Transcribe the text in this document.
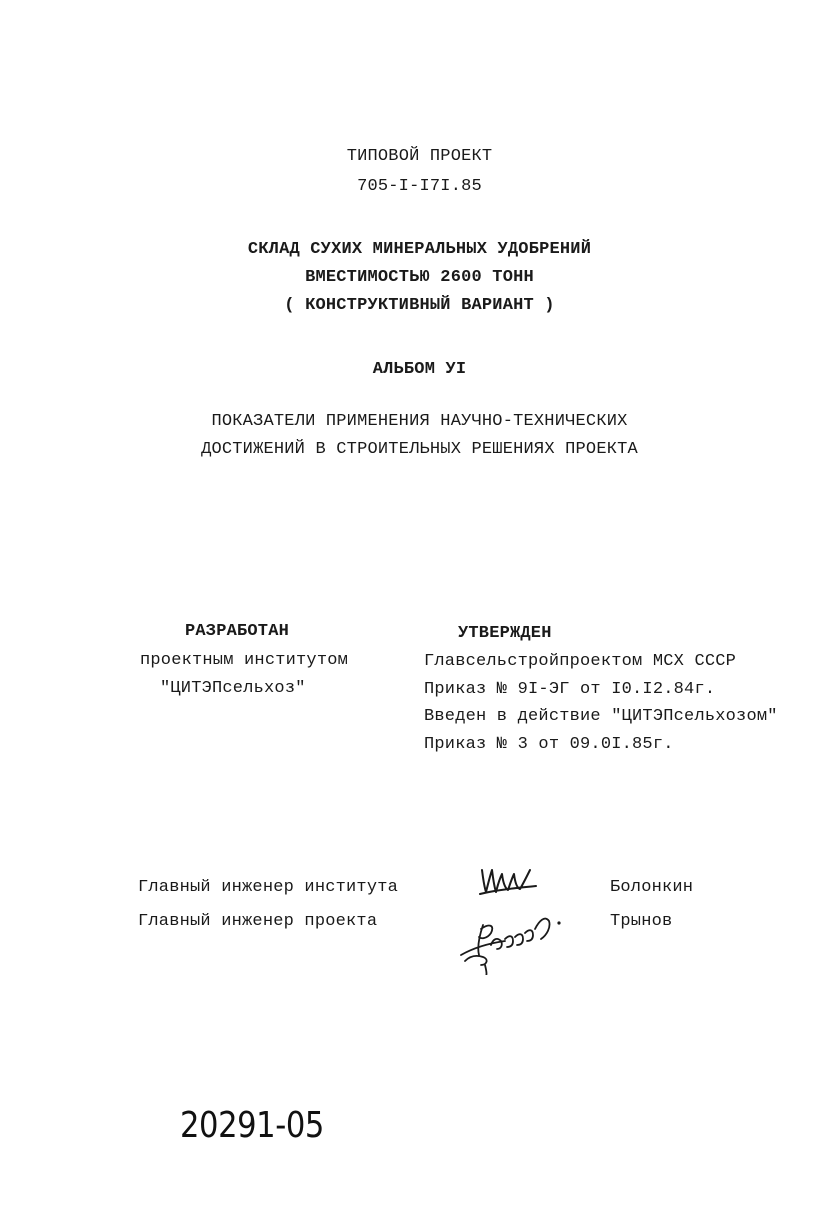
ТИПОВОЙ ПРОЕКТ
705-I-I7I.85
СКЛАД СУХИХ МИНЕРАЛЬНЫХ УДОБРЕНИЙ
ВМЕСТИМОСТЬЮ 2600 ТОНН
( КОНСТРУКТИВНЫЙ ВАРИАНТ )
АЛЬБОМ УI
ПОКАЗАТЕЛИ ПРИМЕНЕНИЯ НАУЧНО-ТЕХНИЧЕСКИХ
ДОСТИЖЕНИЙ В СТРОИТЕЛЬНЫХ РЕШЕНИЯХ ПРОЕКТА
РАЗРАБОТАН
проектным институтом
"ЦИТЭПсельхоз"
УТВЕРЖДЕН
Главсельстройпроектом МСХ СССР
Приказ № 9I-ЭГ от I0.I2.84г.
Введен в действие "ЦИТЭПсельхозом"
Приказ № 3 от 09.0I.85г.
Главный инженер института	Болонкин
Главный инженер проекта	Трынов
20291-05
